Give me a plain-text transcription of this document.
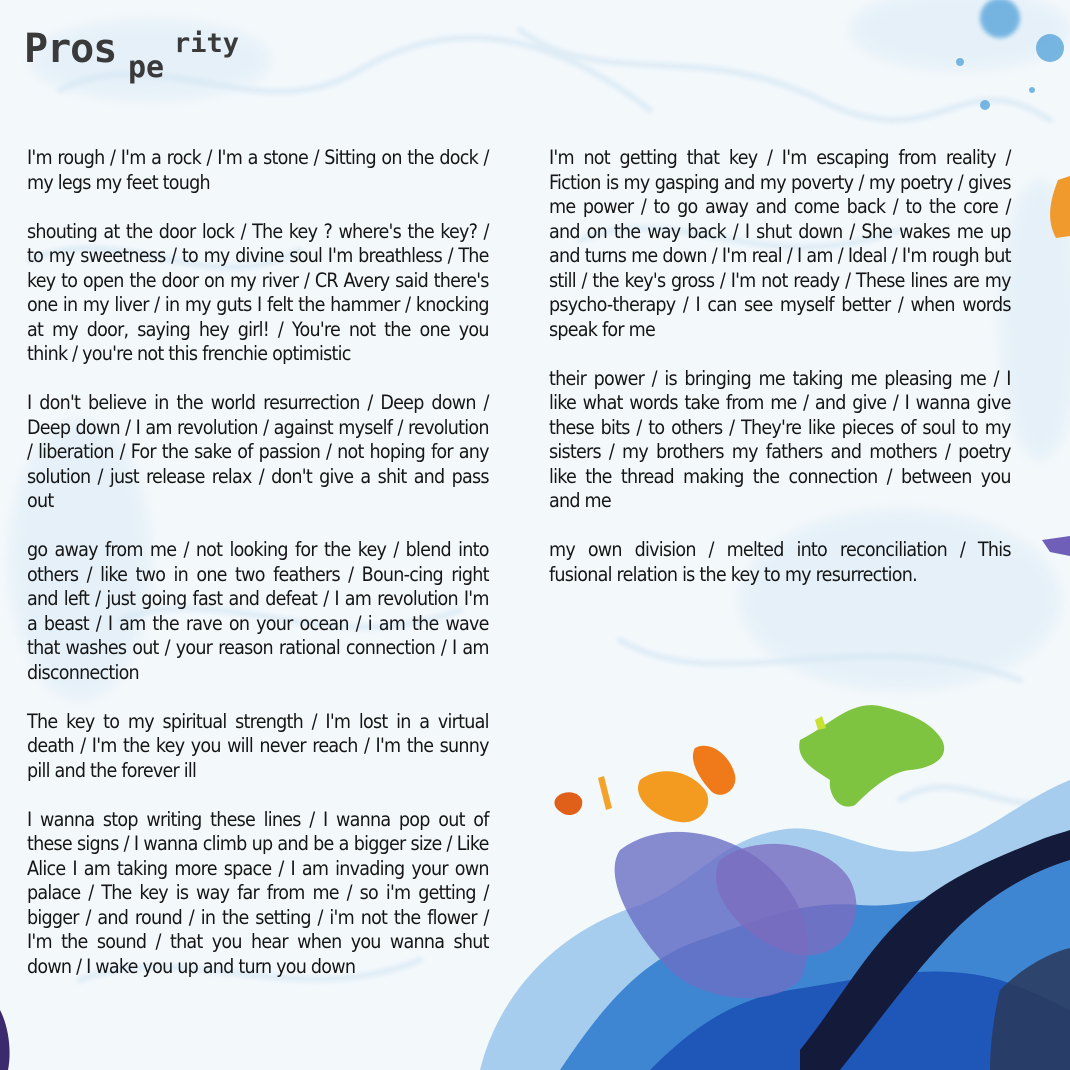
Pros pe
rity

I'm rough / I'm a rock / I'm a stone / Sitting on the dock / my legs my feet tough

shouting at the door lock / The key ? where's the key? / to my sweetness / to my divine soul I'm breathless / The key to open the door on my river / CR Avery said there's one in my liver / in my guts I felt the hammer / knocking at my door, saying hey girl! / You're not the one you think / you're not this frenchie optimistic

I don't believe in the world resurrection / Deep down / Deep down / I am revolution / against myself / revolution / liberation / For the sake of passion / not hoping for any solution / just release relax / don't give a shit and pass out

go away from me / not looking for the key / blend into others / like two in one two feathers / Boun-cing right and left / just going fast and defeat / I am revolution I'm a beast / I am the rave on your ocean / i am the wave that washes out / your reason rational connection / I am disconnection

The key to my spiritual strength / I'm lost in a virtual death / I'm the key you will never reach / I'm the sunny pill and the forever ill

I wanna stop writing these lines / I wanna pop out of these signs / I wanna climb up and be a bigger size / Like Alice I am taking more space / I am invading your own palace / The key is way far from me / so i'm getting / bigger / and round / in the setting / i'm not the flower / I'm the sound / that you hear when you wanna shut down / I wake you up and turn you down

I'm not getting that key / I'm escaping from reality / Fiction is my gasping and my poverty / my poetry / gives me power / to go away and come back / to the core / and on the way back / I shut down / She wakes me up and turns me down / I'm real / I am / Ideal / I'm rough but still / the key's gross / I'm not ready / These lines are my psycho-therapy / I can see myself better / when words speak for me

their power / is bringing me taking me pleasing me / I like what words take from me / and give / I wanna give these bits / to others / They're like pieces of soul to my sisters / my brothers my fathers and mothers / poetry like the thread making the connection / between you and me

my own division / melted into reconciliation / This fusional relation is the key to my resurrection.
